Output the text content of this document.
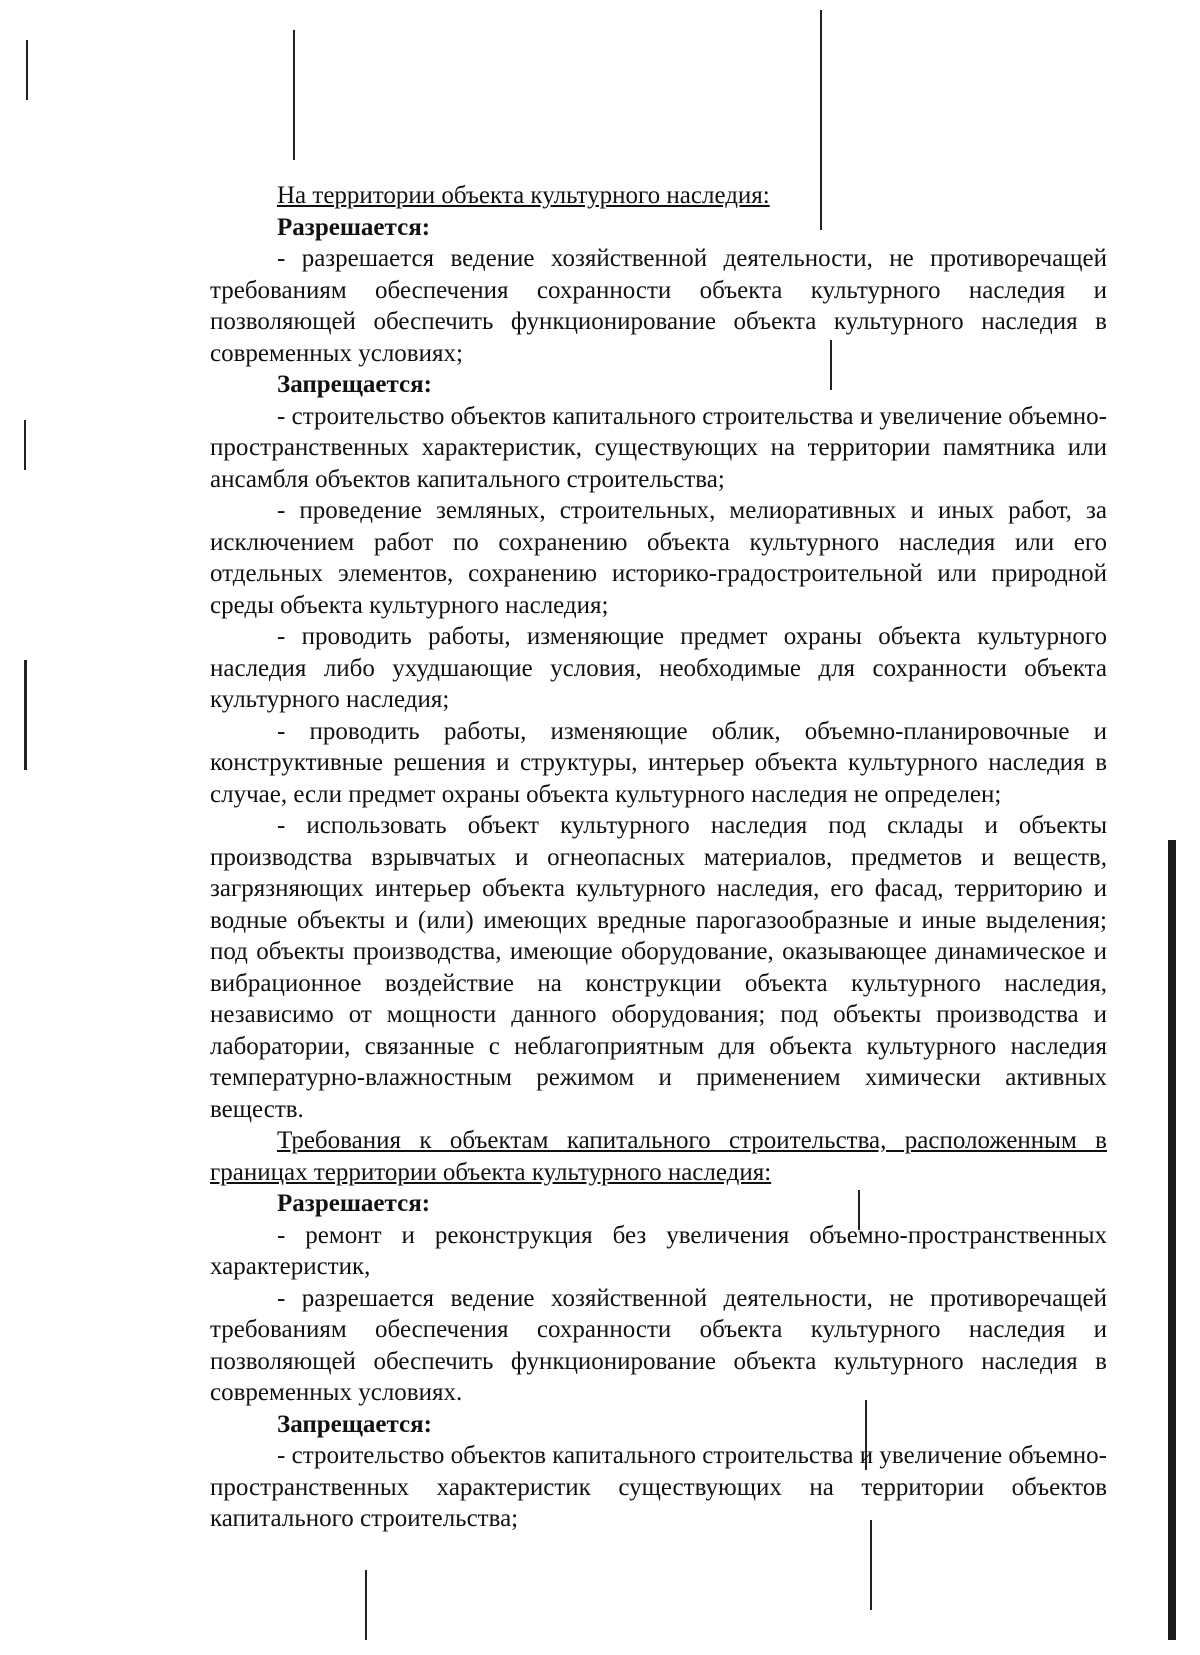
На территории объекта культурного наследия:

Разрешается:

- разрешается ведение хозяйственной деятельности, не противоречащей требованиям обеспечения сохранности объекта культурного наследия и позволяющей обеспечить функционирование объекта культурного наследия в современных условиях;

Запрещается:

- строительство объектов капитального строительства и увеличение объемно-пространственных характеристик, существующих на территории памятника или ансамбля объектов капитального строительства;

- проведение земляных, строительных, мелиоративных и иных работ, за исключением работ по сохранению объекта культурного наследия или его отдельных элементов, сохранению историко-градостроительной или природной среды объекта культурного наследия;

- проводить работы, изменяющие предмет охраны объекта культурного наследия либо ухудшающие условия, необходимые для сохранности объекта культурного наследия;

- проводить работы, изменяющие облик, объемно-планировочные и конструктивные решения и структуры, интерьер объекта культурного наследия в случае, если предмет охраны объекта культурного наследия не определен;

- использовать объект культурного наследия под склады и объекты производства взрывчатых и огнеопасных материалов, предметов и веществ, загрязняющих интерьер объекта культурного наследия, его фасад, территорию и водные объекты и (или) имеющих вредные парогазообразные и иные выделения; под объекты производства, имеющие оборудование, оказывающее динамическое и вибрационное воздействие на конструкции объекта культурного наследия, независимо от мощности данного оборудования; под объекты производства и лаборатории, связанные с неблагоприятным для объекта культурного наследия температурно-влажностным режимом и применением химически активных веществ.

Требования к объектам капитального строительства, расположенным в границах территории объекта культурного наследия:

Разрешается:

- ремонт и реконструкция без увеличения объемно-пространственных характеристик,

- разрешается ведение хозяйственной деятельности, не противоречащей требованиям обеспечения сохранности объекта культурного наследия и позволяющей обеспечить функционирование объекта культурного наследия в современных условиях.

Запрещается:

- строительство объектов капитального строительства и увеличение объемно-пространственных характеристик существующих на территории объектов капитального строительства;
